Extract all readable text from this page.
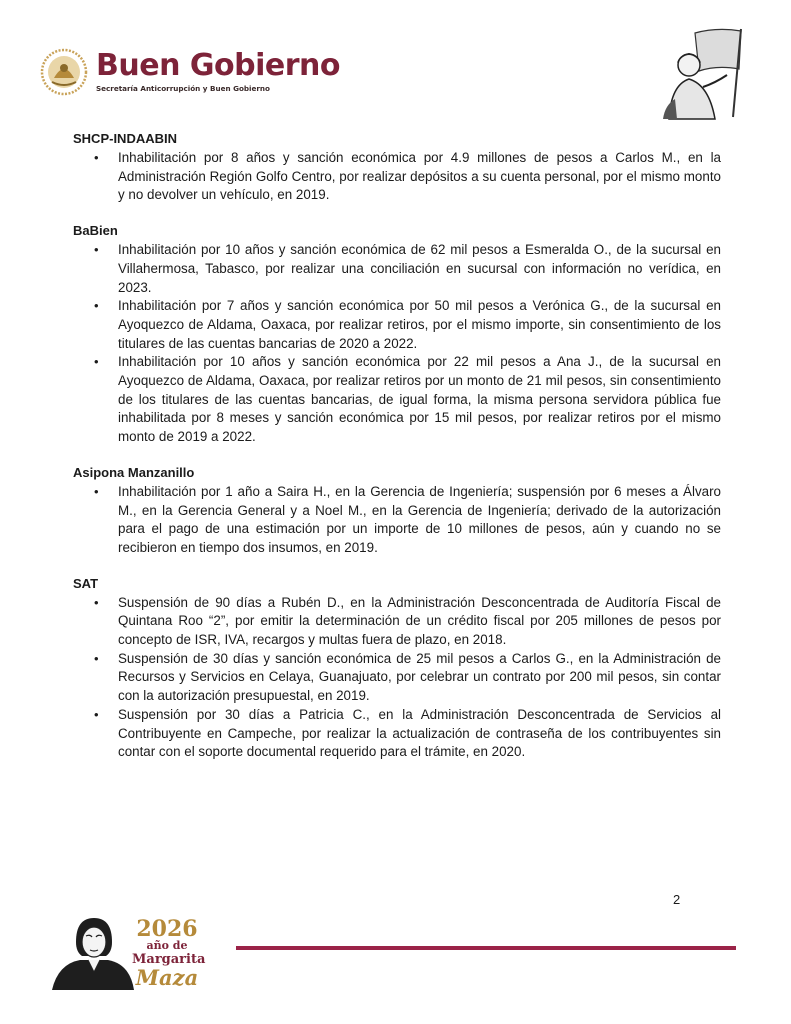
Buen Gobierno
Secretaría Anticorrupción y Buen Gobierno
SHCP-INDAABIN
• Inhabilitación por 8 años y sanción económica por 4.9 millones de pesos a Carlos M., en la Administración Región Golfo Centro, por realizar depósitos a su cuenta personal, por el mismo monto y no devolver un vehículo, en 2019.
BaBien
• Inhabilitación por 10 años y sanción económica de 62 mil pesos a Esmeralda O., de la sucursal en Villahermosa, Tabasco, por realizar una conciliación en sucursal con información no verídica, en 2023.
• Inhabilitación por 7 años y sanción económica por 50 mil pesos a Verónica G., de la sucursal en Ayoquezco de Aldama, Oaxaca, por realizar retiros, por el mismo importe, sin consentimiento de los titulares de las cuentas bancarias de 2020 a 2022.
• Inhabilitación por 10 años y sanción económica por 22 mil pesos a Ana J., de la sucursal en Ayoquezco de Aldama, Oaxaca, por realizar retiros por un monto de 21 mil pesos, sin consentimiento de los titulares de las cuentas bancarias, de igual forma, la misma persona servidora pública fue inhabilitada por 8 meses y sanción económica por 15 mil pesos, por realizar retiros por el mismo monto de 2019 a 2022.
Asipona Manzanillo
• Inhabilitación por 1 año a Saira H., en la Gerencia de Ingeniería; suspensión por 6 meses a Álvaro M., en la Gerencia General y a Noel M., en la Gerencia de Ingeniería; derivado de la autorización para el pago de una estimación por un importe de 10 millones de pesos, aún y cuando no se recibieron en tiempo dos insumos, en 2019.
SAT
• Suspensión de 90 días a Rubén D., en la Administración Desconcentrada de Auditoría Fiscal de Quintana Roo “2”, por emitir la determinación de un crédito fiscal por 205 millones de pesos por concepto de ISR, IVA, recargos y multas fuera de plazo, en 2018.
• Suspensión de 30 días y sanción económica de 25 mil pesos a Carlos G., en la Administración de Recursos y Servicios en Celaya, Guanajuato, por celebrar un contrato por 200 mil pesos, sin contar con la autorización presupuestal, en 2019.
• Suspensión por 30 días a Patricia C., en la Administración Desconcentrada de Servicios al Contribuyente en Campeche, por realizar la actualización de contraseña de los contribuyentes sin contar con el soporte documental requerido para el trámite, en 2020.
2
2026
año de
Margarita
Maza
